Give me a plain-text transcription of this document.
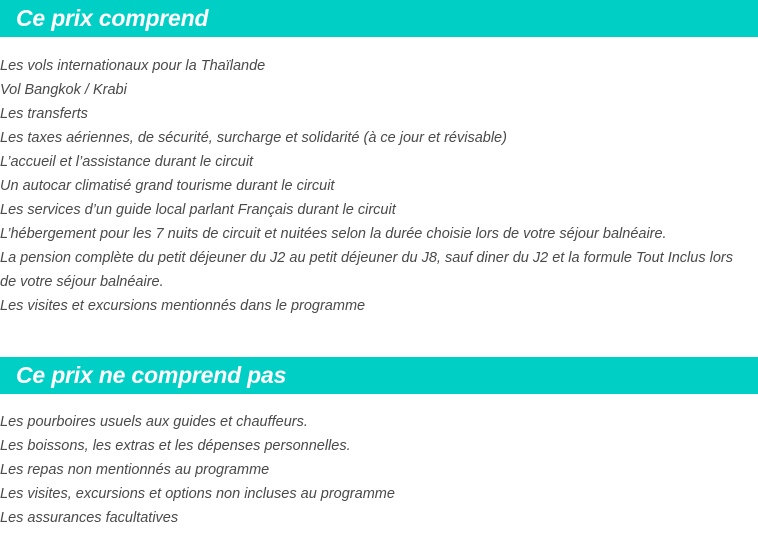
Ce prix comprend
Les vols internationaux pour la Thaïlande
Vol Bangkok / Krabi
Les transferts
Les taxes aériennes, de sécurité, surcharge et solidarité (à ce jour et révisable)
L’accueil et l’assistance durant le circuit
Un autocar climatisé grand tourisme durant le circuit
Les services d’un guide local parlant Français durant le circuit
L’hébergement pour les 7 nuits de circuit et nuitées selon la durée choisie lors de votre séjour balnéaire.
La pension complète du petit déjeuner du J2 au petit déjeuner du J8, sauf diner du J2 et la formule Tout Inclus lors de votre séjour balnéaire.
Les visites et excursions mentionnés dans le programme
Ce prix ne comprend pas
Les pourboires usuels aux guides et chauffeurs.
Les boissons, les extras et les dépenses personnelles.
Les repas non mentionnés au programme
Les visites, excursions et options non incluses au programme
Les assurances facultatives
